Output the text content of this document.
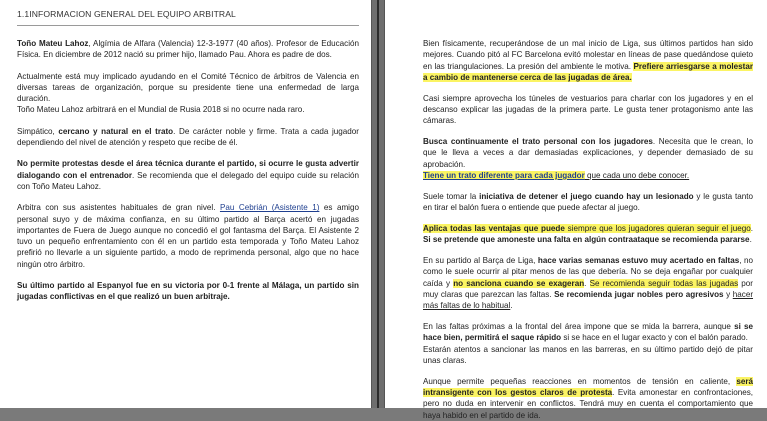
1.1INFORMACION GENERAL DEL EQUIPO ARBITRAL

Toño Mateu Lahoz, Algímia de Alfara (Valencia) 12-3-1977 (40 años). Profesor de Educación Física. En diciembre de 2012 nació su primer hijo, llamado Pau. Ahora es padre de dos.

Actualmente está muy implicado ayudando en el Comité Técnico de árbitros de Valencia en diversas tareas de organización, porque su presidente tiene una enfermedad de larga duración.
Toño Mateu Lahoz arbitrará en el Mundial de Rusia 2018 si no ocurre nada raro.

Simpático, cercano y natural en el trato. De carácter noble y firme. Trata a cada jugador dependiendo del nivel de atención y respeto que recibe de él.

No permite protestas desde el área técnica durante el partido, si ocurre le gusta advertir dialogando con el entrenador. Se recomienda que el delegado del equipo cuide su relación con Toño Mateu Lahoz.

Arbitra con sus asistentes habituales de gran nivel. Pau Cebrián (Asistente 1) es amigo personal suyo y de máxima confianza, en su último partido al Barça acertó en jugadas importantes de Fuera de Juego aunque no concedió el gol fantasma del Barça. El Asistente 2 tuvo un pequeño enfrentamiento con él en un partido esta temporada y Toño Mateu Lahoz prefirió no llevarle a un siguiente partido, a modo de reprimenda personal, algo que no hace ningún otro árbitro.

Su último partido al Espanyol fue en su victoria por 0-1 frente al Málaga, un partido sin jugadas conflictivas en el que realizó un buen arbitraje.

Bien físicamente, recuperándose de un mal inicio de Liga, sus últimos partidos han sido mejores. Cuando pitó al FC Barcelona evitó molestar en líneas de pase quedándose quieto en las triangulaciones. La presión del ambiente le motiva. Prefiere arriesgarse a molestar a cambio de mantenerse cerca de las jugadas de área.

Casi siempre aprovecha los túneles de vestuarios para charlar con los jugadores y en el descanso explicar las jugadas de la primera parte. Le gusta tener protagonismo ante las cámaras.

Busca continuamente el trato personal con los jugadores. Necesita que le crean, lo que le lleva a veces a dar demasiadas explicaciones, y depender demasiado de su aprobación.
Tiene un trato diferente para cada jugador que cada uno debe conocer.

Suele tomar la iniciativa de detener el juego cuando hay un lesionado y le gusta tanto en tirar el balón fuera o entiende que puede afectar al juego.

Aplica todas las ventajas que puede siempre que los jugadores quieran seguir el juego. Si se pretende que amoneste una falta en algún contraataque se recomienda pararse.

En su partido al Barça de Liga, hace varias semanas estuvo muy acertado en faltas, no como le suele ocurrir al pitar menos de las que debería. No se deja engañar por cualquier caída y no sanciona cuando se exageran. Se recomienda seguir todas las jugadas por muy claras que parezcan las faltas. Se recomienda jugar nobles pero agresivos y hacer más faltas de lo habitual.

En las faltas próximas a la frontal del área impone que se mida la barrera, aunque si se hace bien, permitirá el saque rápido si se hace en el lugar exacto y con el balón parado.
Estarán atentos a sancionar las manos en las barreras, en su último partido dejó de pitar unas claras.

Aunque permite pequeñas reacciones en momentos de tensión en caliente, será intransigente con los gestos claros de protesta. Evita amonestar en confrontaciones, pero no duda en intervenir en conflictos. Tendrá muy en cuenta el comportamiento que haya habido en el partido de ida.
